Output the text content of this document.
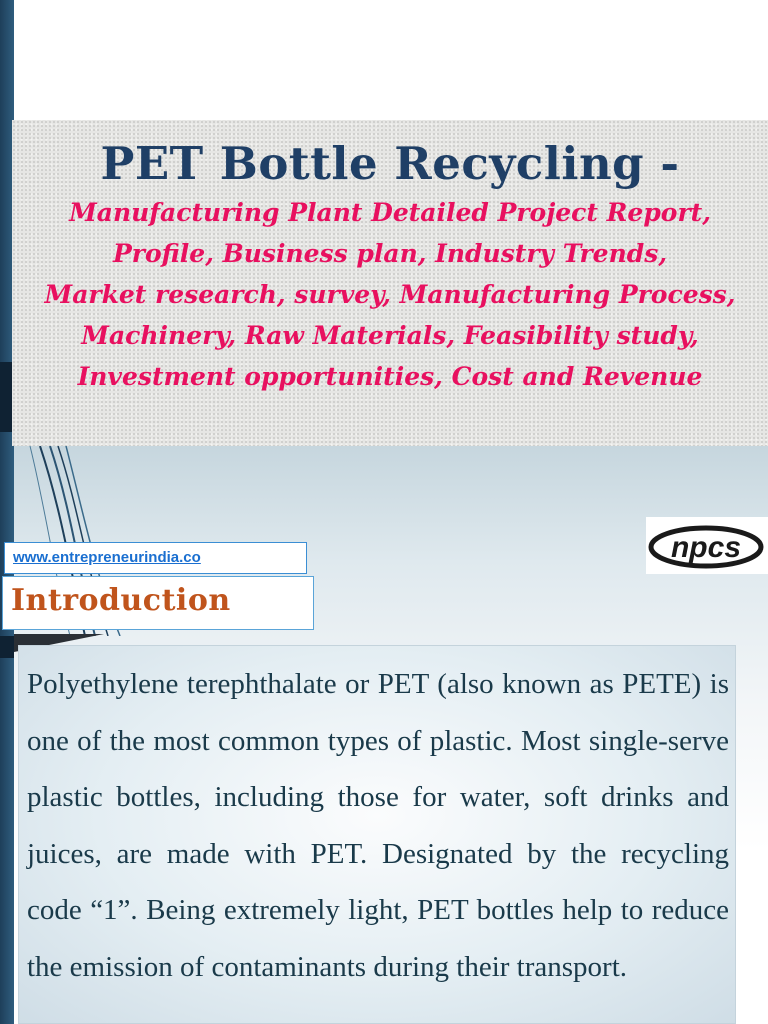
PET Bottle Recycling -
Manufacturing Plant Detailed Project Report,
Profile, Business plan, Industry Trends,
Market research, survey, Manufacturing Process,
Machinery, Raw Materials, Feasibility study,
Investment opportunities, Cost and Revenue
www.entrepreneurindia.co	npcs
Introduction
Polyethylene terephthalate or PET (also known as PETE) is one of the most common types of plastic. Most single-serve plastic bottles, including those for water, soft drinks and juices, are made with PET. Designated by the recycling code “1”. Being extremely light, PET bottles help to reduce the emission of contaminants during their transport.
